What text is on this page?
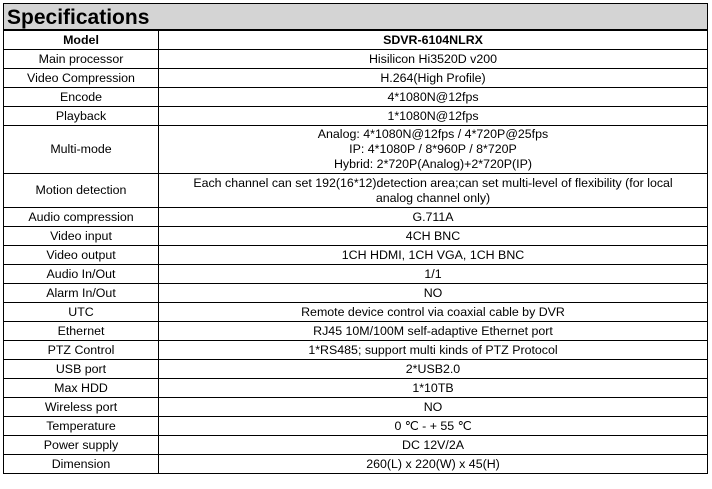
Specifications
Model	SDVR-6104NLRX
Main processor	Hisilicon Hi3520D v200
Video Compression	H.264(High Profile)
Encode	4*1080N@12fps
Playback	1*1080N@12fps
Multi-mode	Analog: 4*1080N@12fps / 4*720P@25fps
IP: 4*1080P / 8*960P / 8*720P
Hybrid: 2*720P(Analog)+2*720P(IP)

Motion detection	Each channel can set 192(16*12)detection area;can set multi-level of flexibility (for local
analog channel only)

Audio compression	G.711A
Video input	4CH BNC
Video output	1CH HDMI, 1CH VGA, 1CH BNC
Audio In/Out	1/1
Alarm In/Out	NO
UTC	Remote device control via coaxial cable by DVR
Ethernet	RJ45 10M/100M self-adaptive Ethernet port
PTZ Control	1*RS485; support multi kinds of PTZ Protocol
USB port	2*USB2.0
Max HDD	1*10TB
Wireless port	NO
Temperature	0 ℃ - + 55 ℃
Power supply	DC 12V/2A
Dimension	260(L) x 220(W) x 45(H)
